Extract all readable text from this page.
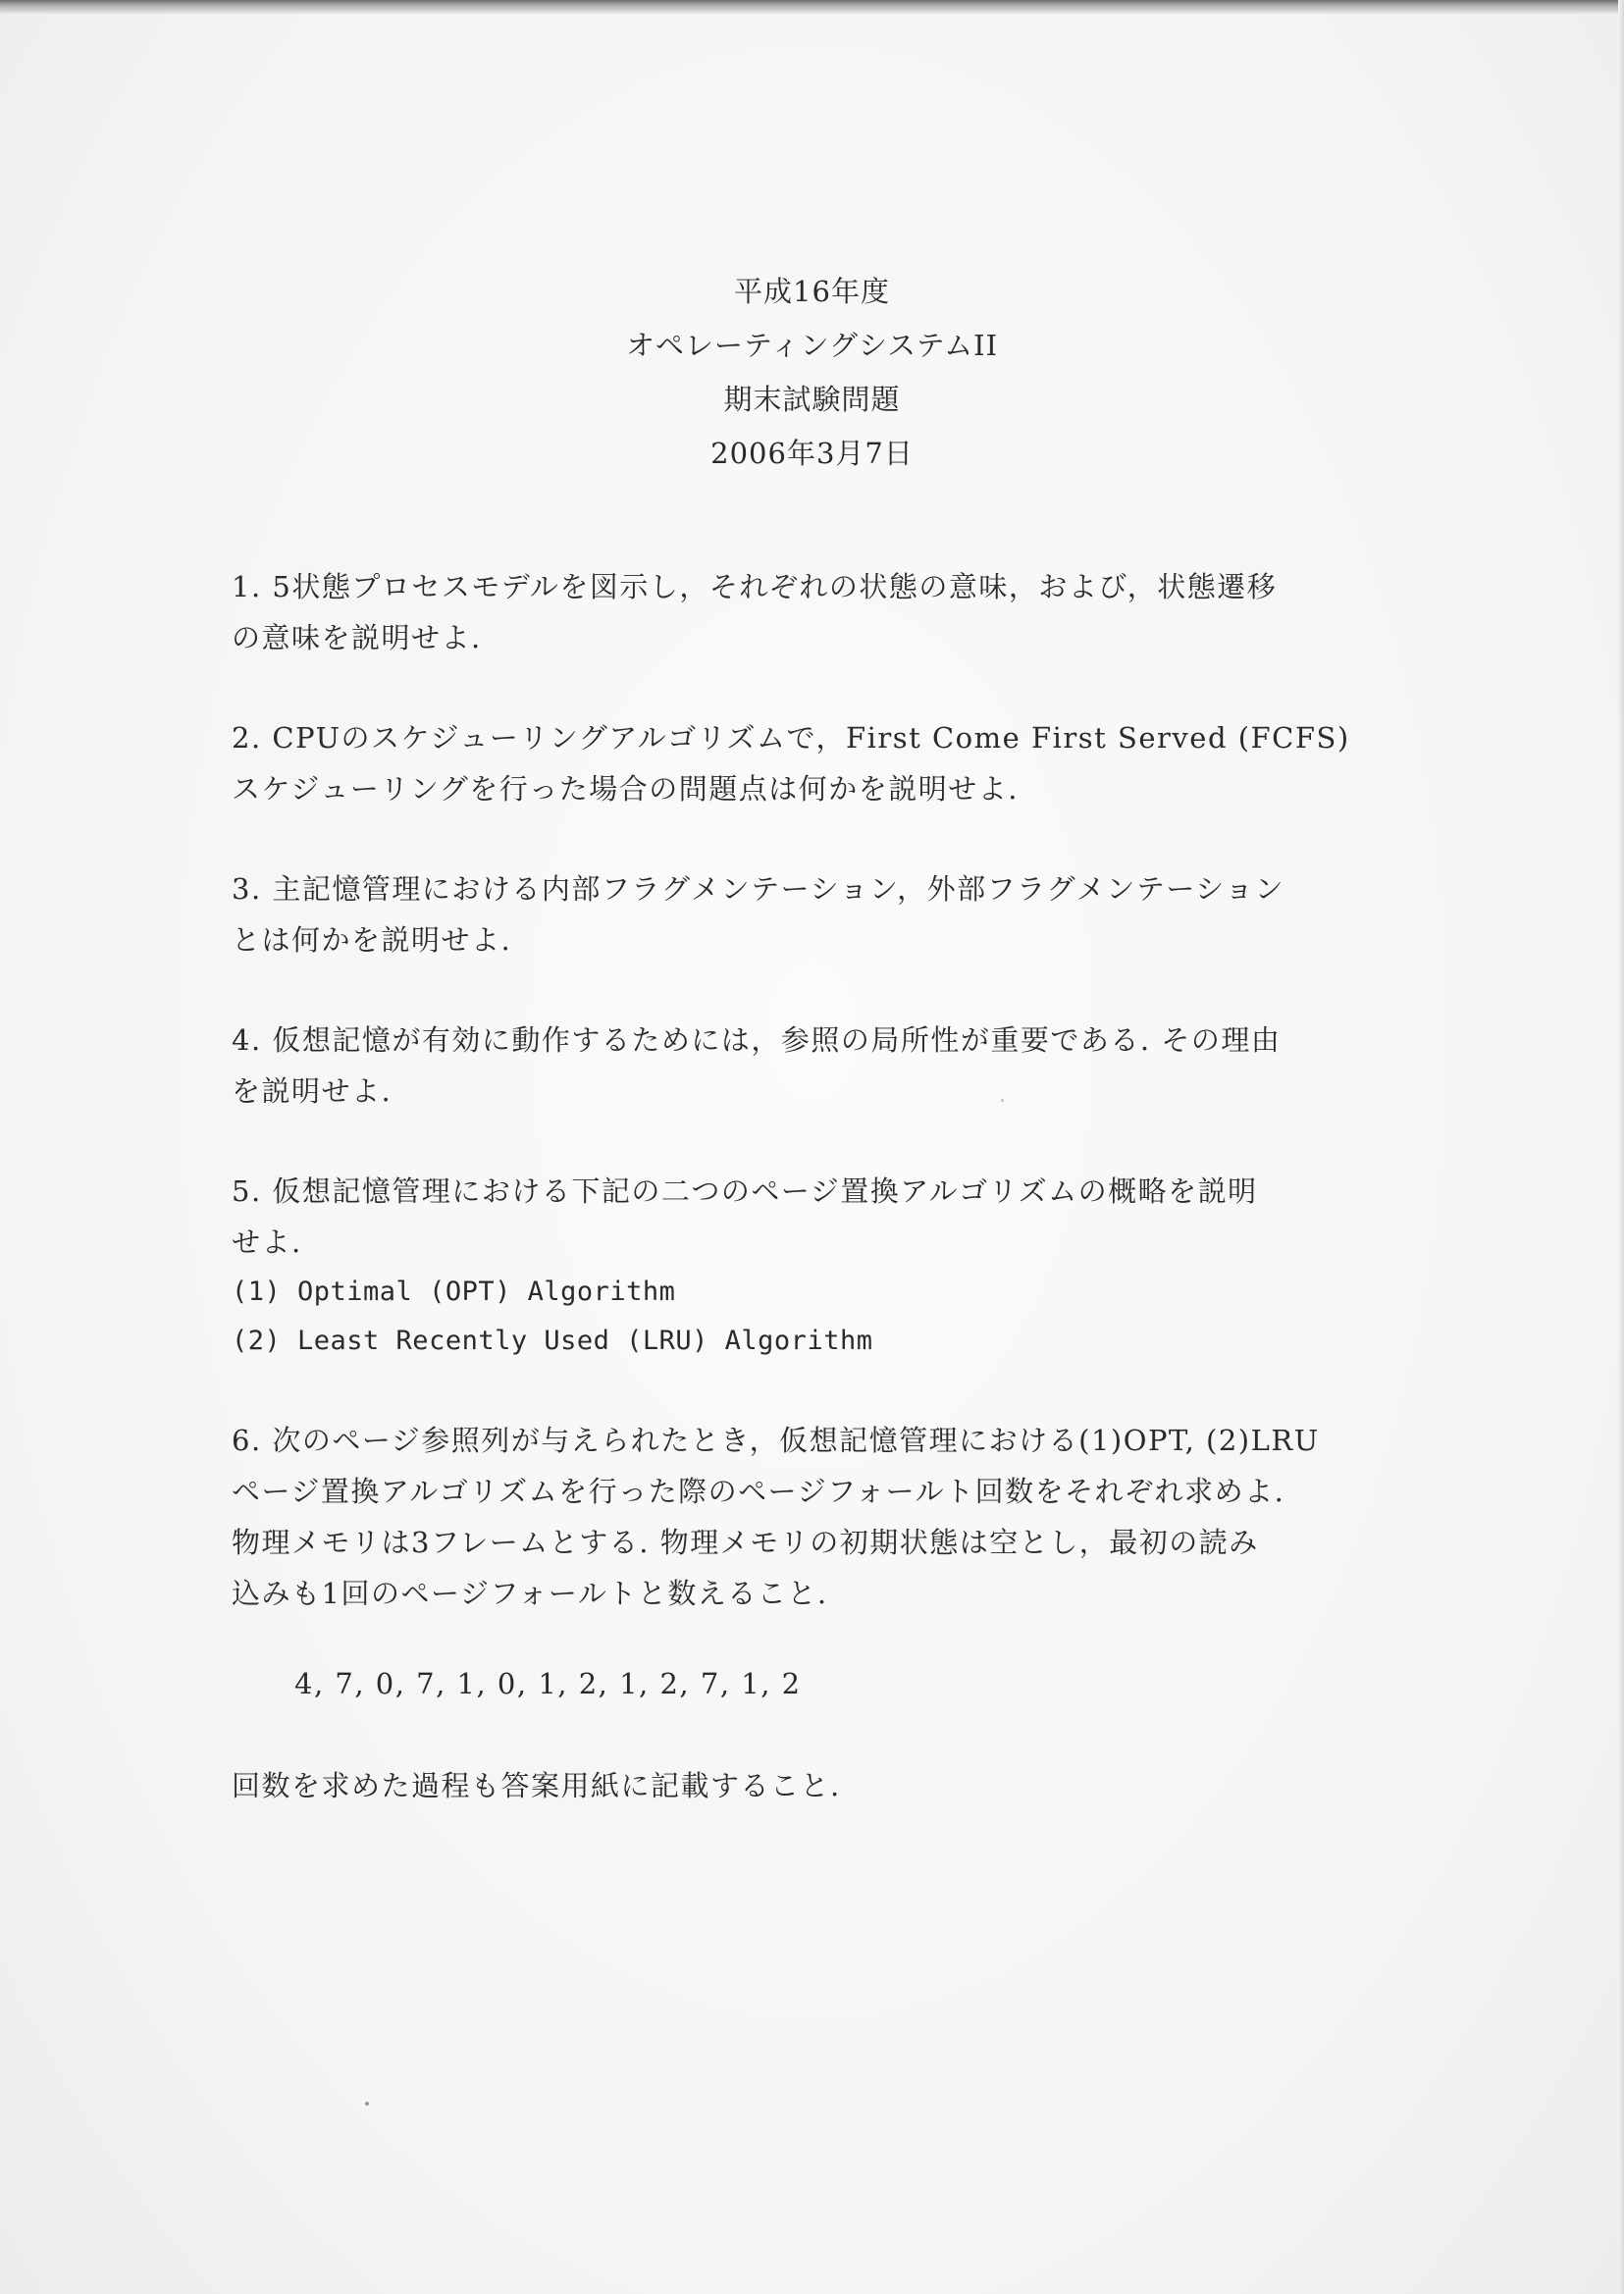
平成16年度
オペレーティングシステムII
期末試験問題
2006年3月7日
1. 5状態プロセスモデルを図示し，それぞれの状態の意味，および，状態遷移
の意味を説明せよ.
2. CPUのスケジューリングアルゴリズムで，First Come First Served (FCFS)
スケジューリングを行った場合の問題点は何かを説明せよ.
3. 主記憶管理における内部フラグメンテーション，外部フラグメンテーション
とは何かを説明せよ.
4. 仮想記憶が有効に動作するためには，参照の局所性が重要である. その理由
を説明せよ.
5. 仮想記憶管理における下記の二つのページ置換アルゴリズムの概略を説明
せよ.
(1) Optimal (OPT) Algorithm
(2) Least Recently Used (LRU) Algorithm
6. 次のページ参照列が与えられたとき，仮想記憶管理における(1)OPT, (2)LRU
ページ置換アルゴリズムを行った際のページフォールト回数をそれぞれ求めよ.
物理メモリは3フレームとする. 物理メモリの初期状態は空とし，最初の読み
込みも1回のページフォールトと数えること.
4, 7, 0, 7, 1, 0, 1, 2, 1, 2, 7, 1, 2
回数を求めた過程も答案用紙に記載すること.
